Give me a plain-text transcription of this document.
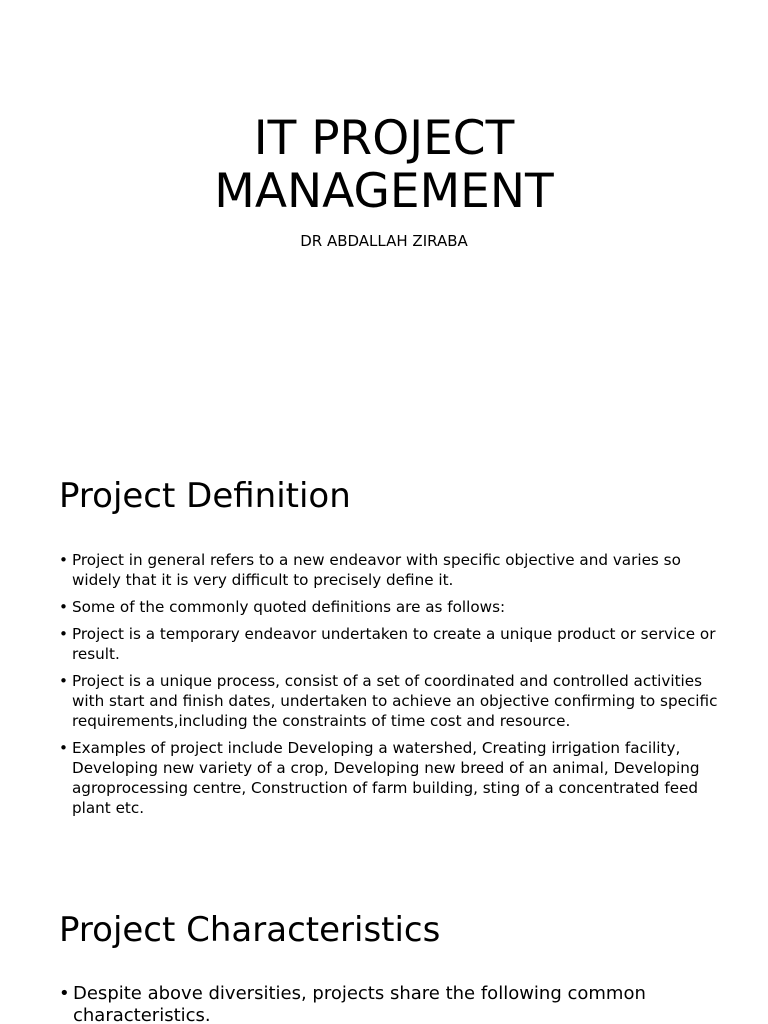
IT PROJECT
MANAGEMENT

DR ABDALLAH ZIRABA

Project Definition
• Project in general refers to a new endeavor with specific objective and varies so widely that it is very difficult to precisely define it.
• Some of the commonly quoted definitions are as follows:
• Project is a temporary endeavor undertaken to create a unique product or service or result.
• Project is a unique process, consist of a set of coordinated and controlled activities with start and finish dates, undertaken to achieve an objective confirming to specific requirements,including the constraints of time cost and resource.
• Examples of project include Developing a watershed, Creating irrigation facility, Developing new variety of a crop, Developing new breed of an animal, Developing agroprocessing centre, Construction of farm building, sting of a concentrated feed plant etc.
Project Characteristics
• Despite above diversities, projects share the following common characteristics.
